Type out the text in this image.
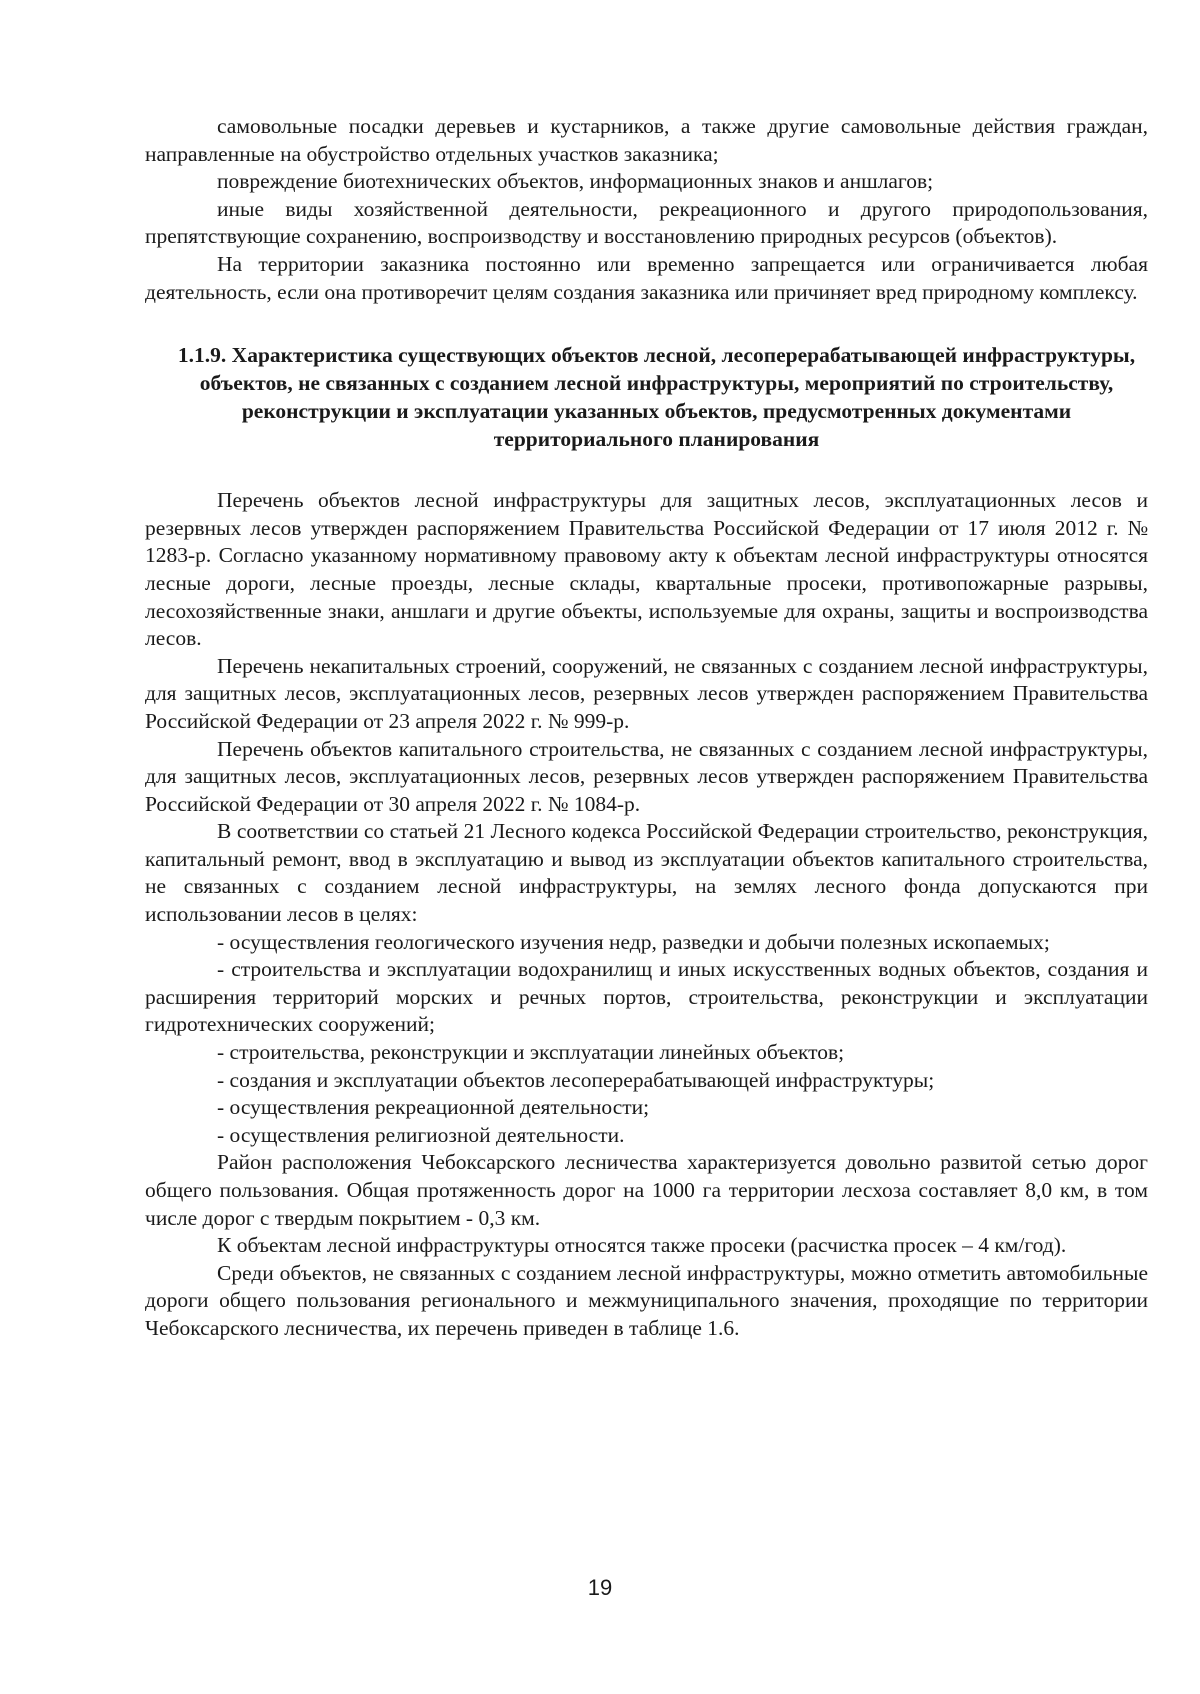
самовольные посадки деревьев и кустарников, а также другие самовольные действия граждан, направленные на обустройство отдельных участков заказника;

повреждение биотехнических объектов, информационных знаков и аншлагов;

иные виды хозяйственной деятельности, рекреационного и другого природопользования, препятствующие сохранению, воспроизводству и восстановлению природных ресурсов (объектов).

На территории заказника постоянно или временно запрещается или ограничивается любая деятельность, если она противоречит целям создания заказника или причиняет вред природному комплексу.

1.1.9. Характеристика существующих объектов лесной, лесоперерабатывающей инфраструктуры, объектов, не связанных с созданием лесной инфраструктуры, мероприятий по строительству, реконструкции и эксплуатации указанных объектов, предусмотренных документами территориального планирования

Перечень объектов лесной инфраструктуры для защитных лесов, эксплуатационных лесов и резервных лесов утвержден распоряжением Правительства Российской Федерации от 17 июля 2012 г. № 1283-р. Согласно указанному нормативному правовому акту к объектам лесной инфраструктуры относятся лесные дороги, лесные проезды, лесные склады, квартальные просеки, противопожарные разрывы, лесохозяйственные знаки, аншлаги и другие объекты, используемые для охраны, защиты и воспроизводства лесов.

Перечень некапитальных строений, сооружений, не связанных с созданием лесной инфраструктуры, для защитных лесов, эксплуатационных лесов, резервных лесов утвержден распоряжением Правительства Российской Федерации от 23 апреля 2022 г. № 999-р.

Перечень объектов капитального строительства, не связанных с созданием лесной инфраструктуры, для защитных лесов, эксплуатационных лесов, резервных лесов утвержден распоряжением Правительства Российской Федерации от 30 апреля 2022 г. № 1084-р.

В соответствии со статьей 21 Лесного кодекса Российской Федерации строительство, реконструкция, капитальный ремонт, ввод в эксплуатацию и вывод из эксплуатации объектов капитального строительства, не связанных с созданием лесной инфраструктуры, на землях лесного фонда допускаются при использовании лесов в целях:

- осуществления геологического изучения недр, разведки и добычи полезных ископаемых;

- строительства и эксплуатации водохранилищ и иных искусственных водных объектов, создания и расширения территорий морских и речных портов, строительства, реконструкции и эксплуатации гидротехнических сооружений;

- строительства, реконструкции и эксплуатации линейных объектов;

- создания и эксплуатации объектов лесоперерабатывающей инфраструктуры;

- осуществления рекреационной деятельности;

- осуществления религиозной деятельности.

Район расположения Чебоксарского лесничества характеризуется довольно развитой сетью дорог общего пользования. Общая протяженность дорог на 1000 га территории лесхоза составляет 8,0 км, в том числе дорог с твердым покрытием - 0,3 км.

К объектам лесной инфраструктуры относятся также просеки (расчистка просек – 4 км/год).

Среди объектов, не связанных с созданием лесной инфраструктуры, можно отметить автомобильные дороги общего пользования регионального и межмуниципального значения, проходящие по территории Чебоксарского лесничества, их перечень приведен в таблице 1.6.

19
